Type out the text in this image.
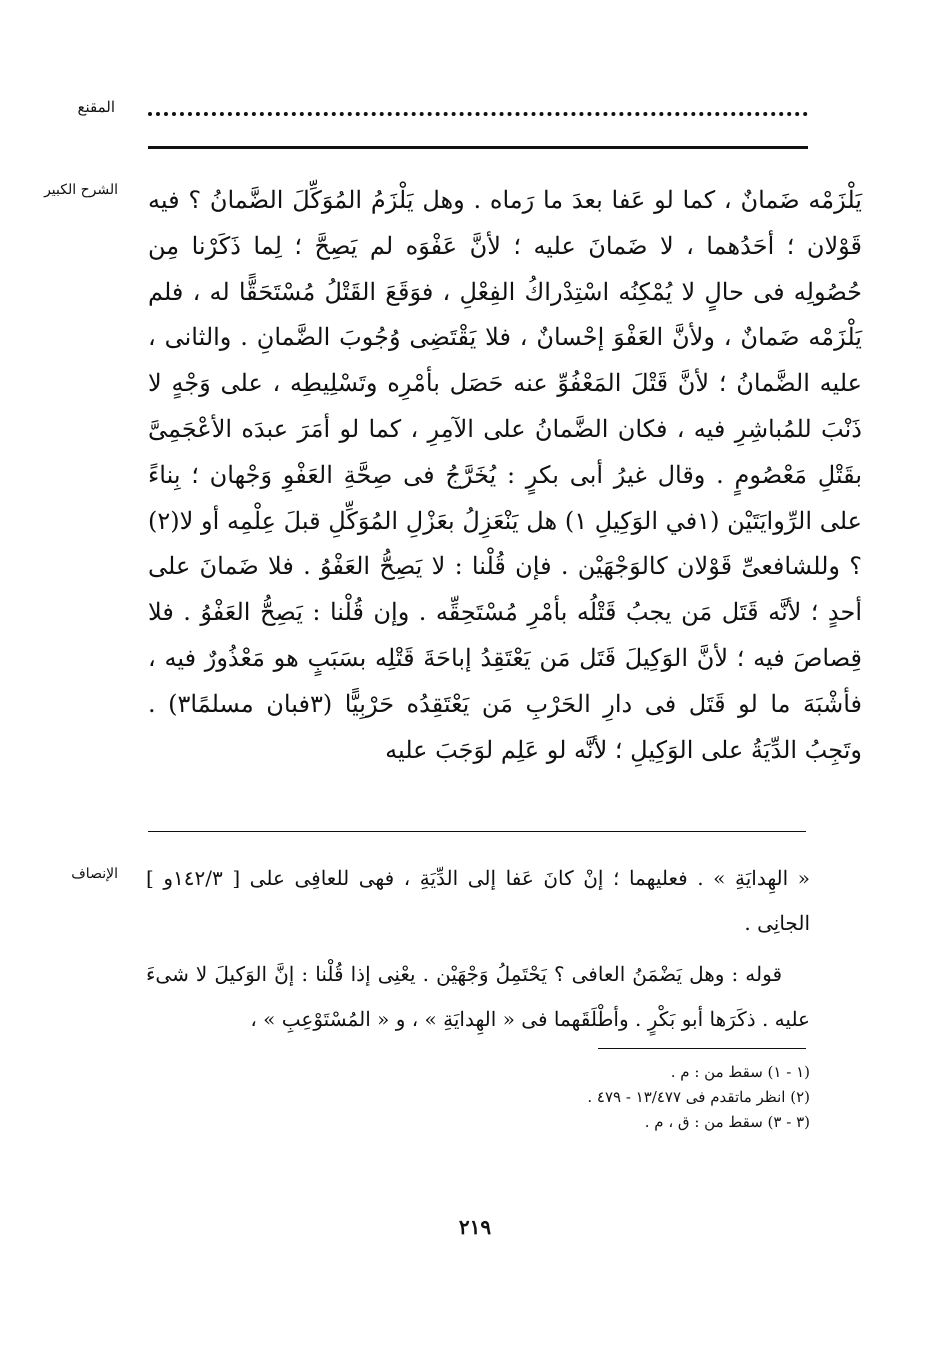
المقنع
الشرح الكبير يَلْزَمْه ضَمانٌ ، كما لو عَفا بعدَ ما رَماه . وهل يَلْزَمُ المُوَكِّلَ الضَّمانُ ؟ فيه قَوْلان ؛ أحَدُهما ، لا ضَمانَ عليه ؛ لأنَّ عَفْوَه لم يَصِحَّ ؛ لِما ذَكَرْنا مِن حُصُولِه فى حالٍ لا يُمْكِنُه اسْتِدْراكُ الفِعْلِ ، فوَقَعَ القَتْلُ مُسْتَحَقًّا له ، فلم يَلْزَمْه ضَمانٌ ، ولأنَّ العَفْوَ إحْسانٌ ، فلا يَقْتَضِى وُجُوبَ الضَّمانِ . والثانى ، عليه الضَّمانُ ؛ لأنَّ قَتْلَ المَعْفُوِّ عنه حَصَل بأمْرِه وتَسْلِيطِه ، على وَجْهٍ لا ذَنْبَ للمُباشِرِ فيه ، فكان الضَّمانُ على الآمِرِ ، كما لو أمَرَ عبدَه الأعْجَمِىَّ بقَتْلِ مَعْصُومٍ . وقال غيرُ أبى بكرٍ : يُخَرَّجُ فى صِحَّةِ العَفْوِ وَجْهان ؛ بِناءً على الرِّوايَتَيْن (١في الوَكِيلِ ١) هل يَنْعَزِلُ بعَزْلِ المُوَكِّلِ قبلَ عِلْمِه أو لا(٢) ؟ وللشافعىِّ قَوْلان كالوَجْهَيْن . فإن قُلْنا : لا يَصِحُّ العَفْوُ . فلا ضَمانَ على أحدٍ ؛ لأنَّه قَتَل مَن يجبُ قَتْلُه بأمْرِ مُسْتَحِقِّه . وإن قُلْنا : يَصِحُّ العَفْوُ . فلا قِصاصَ فيه ؛ لأنَّ الوَكِيلَ قَتَل مَن يَعْتَقِدُ إباحَةَ قَتْلِه بسَبَبٍ هو مَعْذُورٌ فيه ، فأشْبَهَ ما لو قَتَل فى دارِ الحَرْبِ مَن يَعْتَقِدُه حَرْبِيًّا (٣فبان مسلمًا٣) . وتَجِبُ الدِّيَةُ على الوَكِيلِ ؛ لأنَّه لو عَلِم لوَجَبَ عليه

الإنصاف « الهِدايَةِ » . فعليهما ؛ إنْ كانَ عَفا إلى الدِّيَةِ ، فهى للعافِى على [ ١٤٢/٣و ] الجانِى .

قوله : وهل يَضْمَنُ العافى ؟ يَحْتَمِلُ وَجْهَيْن . يعْنِى إذا قُلْنا : إنَّ الوَكيلَ لا شىءَ عليه . ذكَرَها أبو بَكْرٍ . وأطْلَقَهما فى « الهِدايَةِ » ، و « المُسْتَوْعِبِ » ،

(١ - ١) سقط من : م .
(٢) انظر ماتقدم فى ١٣/٤٧٧ - ٤٧٩ .
(٣ - ٣) سقط من : ق ، م .
٢١٩
